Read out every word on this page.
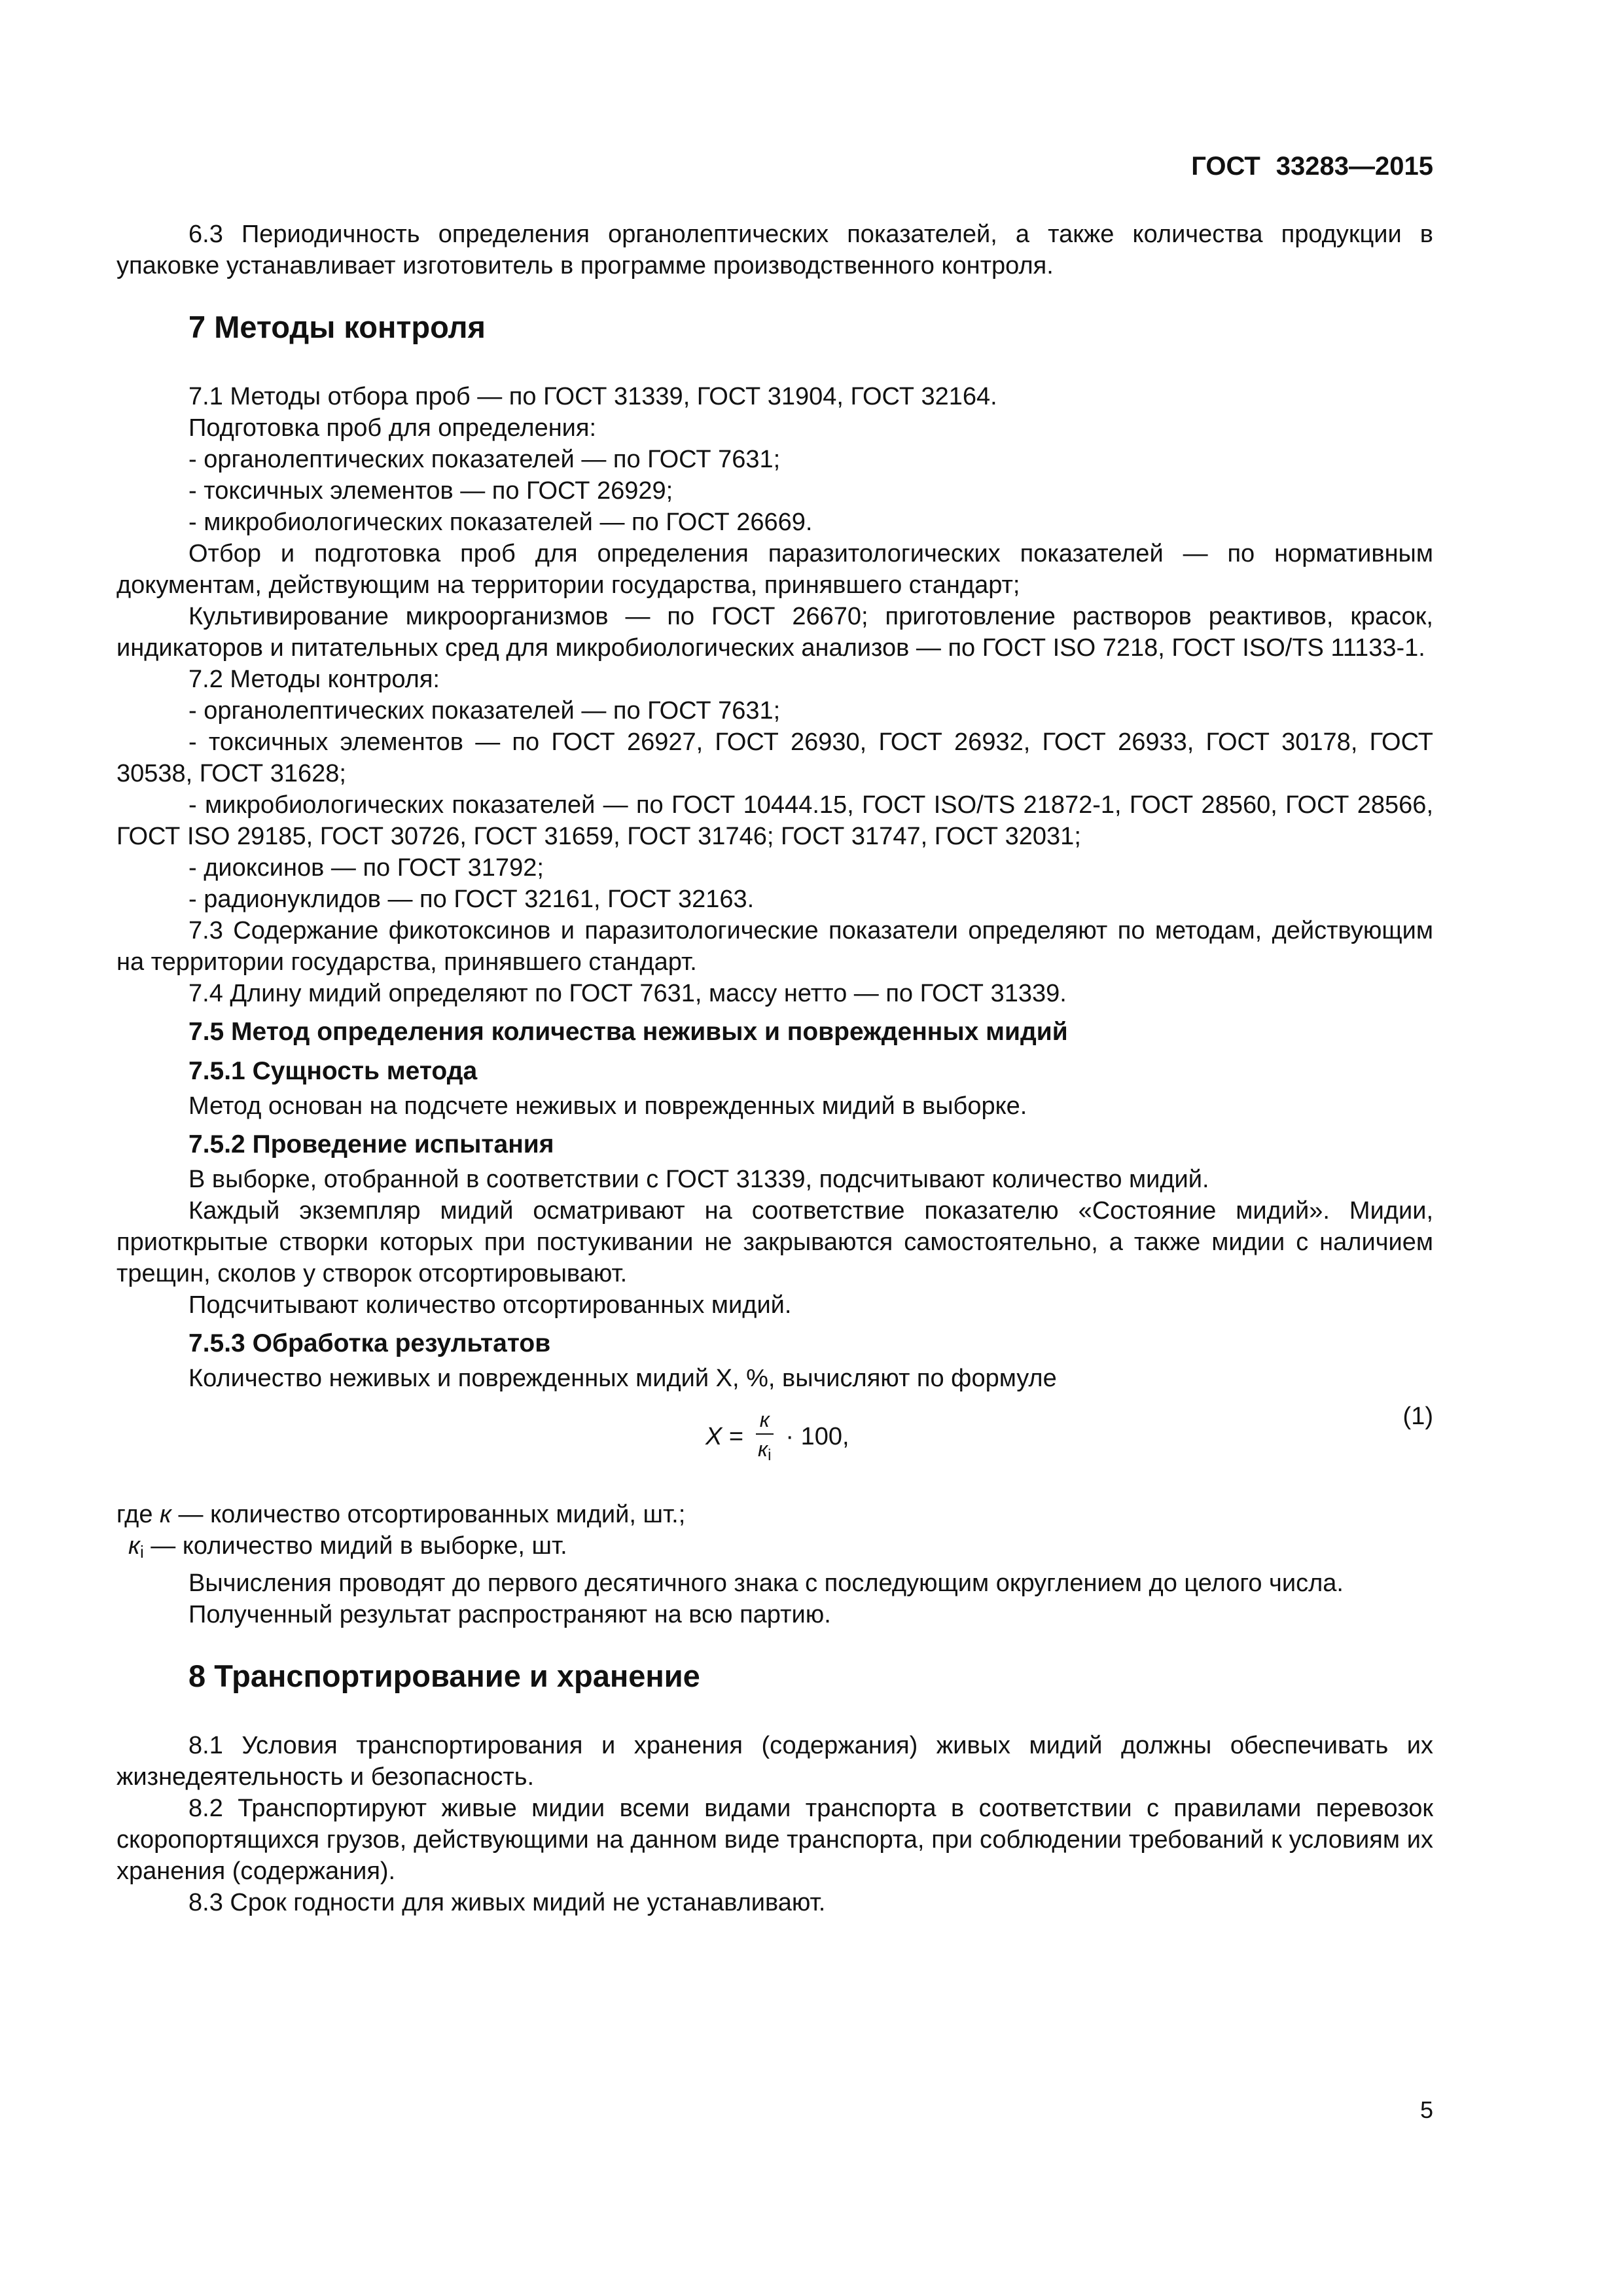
ГОСТ 33283—2015

6.3 Периодичность определения органолептических показателей, а также количества продукции в упаковке устанавливает изготовитель в программе производственного контроля.

7 Методы контроля

7.1 Методы отбора проб — по ГОСТ 31339, ГОСТ 31904, ГОСТ 32164.

Подготовка проб для определения:

- органолептических показателей — по ГОСТ 7631;

- токсичных элементов — по ГОСТ 26929;

- микробиологических показателей — по ГОСТ 26669.

Отбор и подготовка проб для определения паразитологических показателей — по нормативным документам, действующим на территории государства, принявшего стандарт;

Культивирование микроорганизмов — по ГОСТ 26670; приготовление растворов реактивов, красок, индикаторов и питательных сред для микробиологических анализов — по ГОСТ ISO 7218, ГОСТ ISO/TS 11133-1.

7.2 Методы контроля:

- органолептических показателей — по ГОСТ 7631;

- токсичных элементов — по ГОСТ 26927, ГОСТ 26930, ГОСТ 26932, ГОСТ 26933, ГОСТ 30178, ГОСТ 30538, ГОСТ 31628;

- микробиологических показателей — по ГОСТ 10444.15, ГОСТ ISO/TS 21872-1, ГОСТ 28560, ГОСТ 28566, ГОСТ ISO 29185, ГОСТ 30726, ГОСТ 31659, ГОСТ 31746; ГОСТ 31747, ГОСТ 32031;

- диоксинов — по ГОСТ 31792;

- радионуклидов — по ГОСТ 32161, ГОСТ 32163.

7.3 Содержание фикотоксинов и паразитологические показатели определяют по методам, действующим на территории государства, принявшего стандарт.

7.4 Длину мидий определяют по ГОСТ 7631, массу нетто — по ГОСТ 31339.

7.5 Метод определения количества неживых и поврежденных мидий
7.5.1 Сущность метода

Метод основан на подсчете неживых и поврежденных мидий в выборке.

7.5.2 Проведение испытания

В выборке, отобранной в соответствии с ГОСТ 31339, подсчитывают количество мидий.

Каждый экземпляр мидий осматривают на соответствие показателю «Состояние мидий». Мидии, приоткрытые створки которых при постукивании не закрываются самостоятельно, а также мидии с наличием трещин, сколов у створок отсортировывают.

Подсчитывают количество отсортированных мидий.

7.5.3 Обработка результатов

Количество неживых и поврежденных мидий X, %, вычисляют по формуле

$X = \frac{к}{к_i} \cdot 100$,
(1)

где к — количество отсортированных мидий, шт.;

кi — количество мидий в выборке, шт.

Вычисления проводят до первого десятичного знака с последующим округлением до целого числа.

Полученный результат распространяют на всю партию.

8 Транспортирование и хранение

8.1 Условия транспортирования и хранения (содержания) живых мидий должны обеспечивать их жизнедеятельность и безопасность.

8.2 Транспортируют живые мидии всеми видами транспорта в соответствии с правилами перевозок скоропортящихся грузов, действующими на данном виде транспорта, при соблюдении требований к условиям их хранения (содержания).

8.3 Срок годности для живых мидий не устанавливают.

5
